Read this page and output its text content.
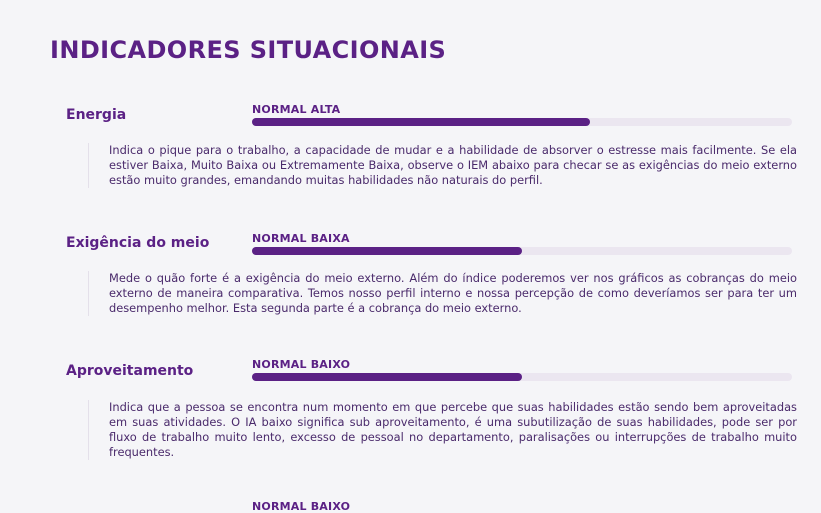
INDICADORES SITUACIONAIS
Energia	NORMAL ALTA

Indica o pique para o trabalho, a capacidade de mudar e a habilidade de absorver o estresse mais facilmente. Se ela estiver Baixa, Muito Baixa ou Extremamente Baixa, observe o IEM abaixo para checar se as exigências do meio externo estão muito grandes, emandando muitas habilidades não naturais do perfil.

Exigência do meio	NORMAL BAIXA

Mede o quão forte é a exigência do meio externo. Além do índice poderemos ver nos gráficos as cobranças do meio externo de maneira comparativa. Temos nosso perfil interno e nossa percepção de como deveríamos ser para ter um desempenho melhor. Esta segunda parte é a cobrança do meio externo.

Aproveitamento	NORMAL BAIXO

Indica que a pessoa se encontra num momento em que percebe que suas habilidades estão sendo bem aproveitadas em suas atividades. O IA baixo significa sub aproveitamento, é uma subutilização de suas habilidades, pode ser por fluxo de trabalho muito lento, excesso de pessoal no departamento, paralisações ou interrupções de trabalho muito frequentes.

NORMAL BAIXO
